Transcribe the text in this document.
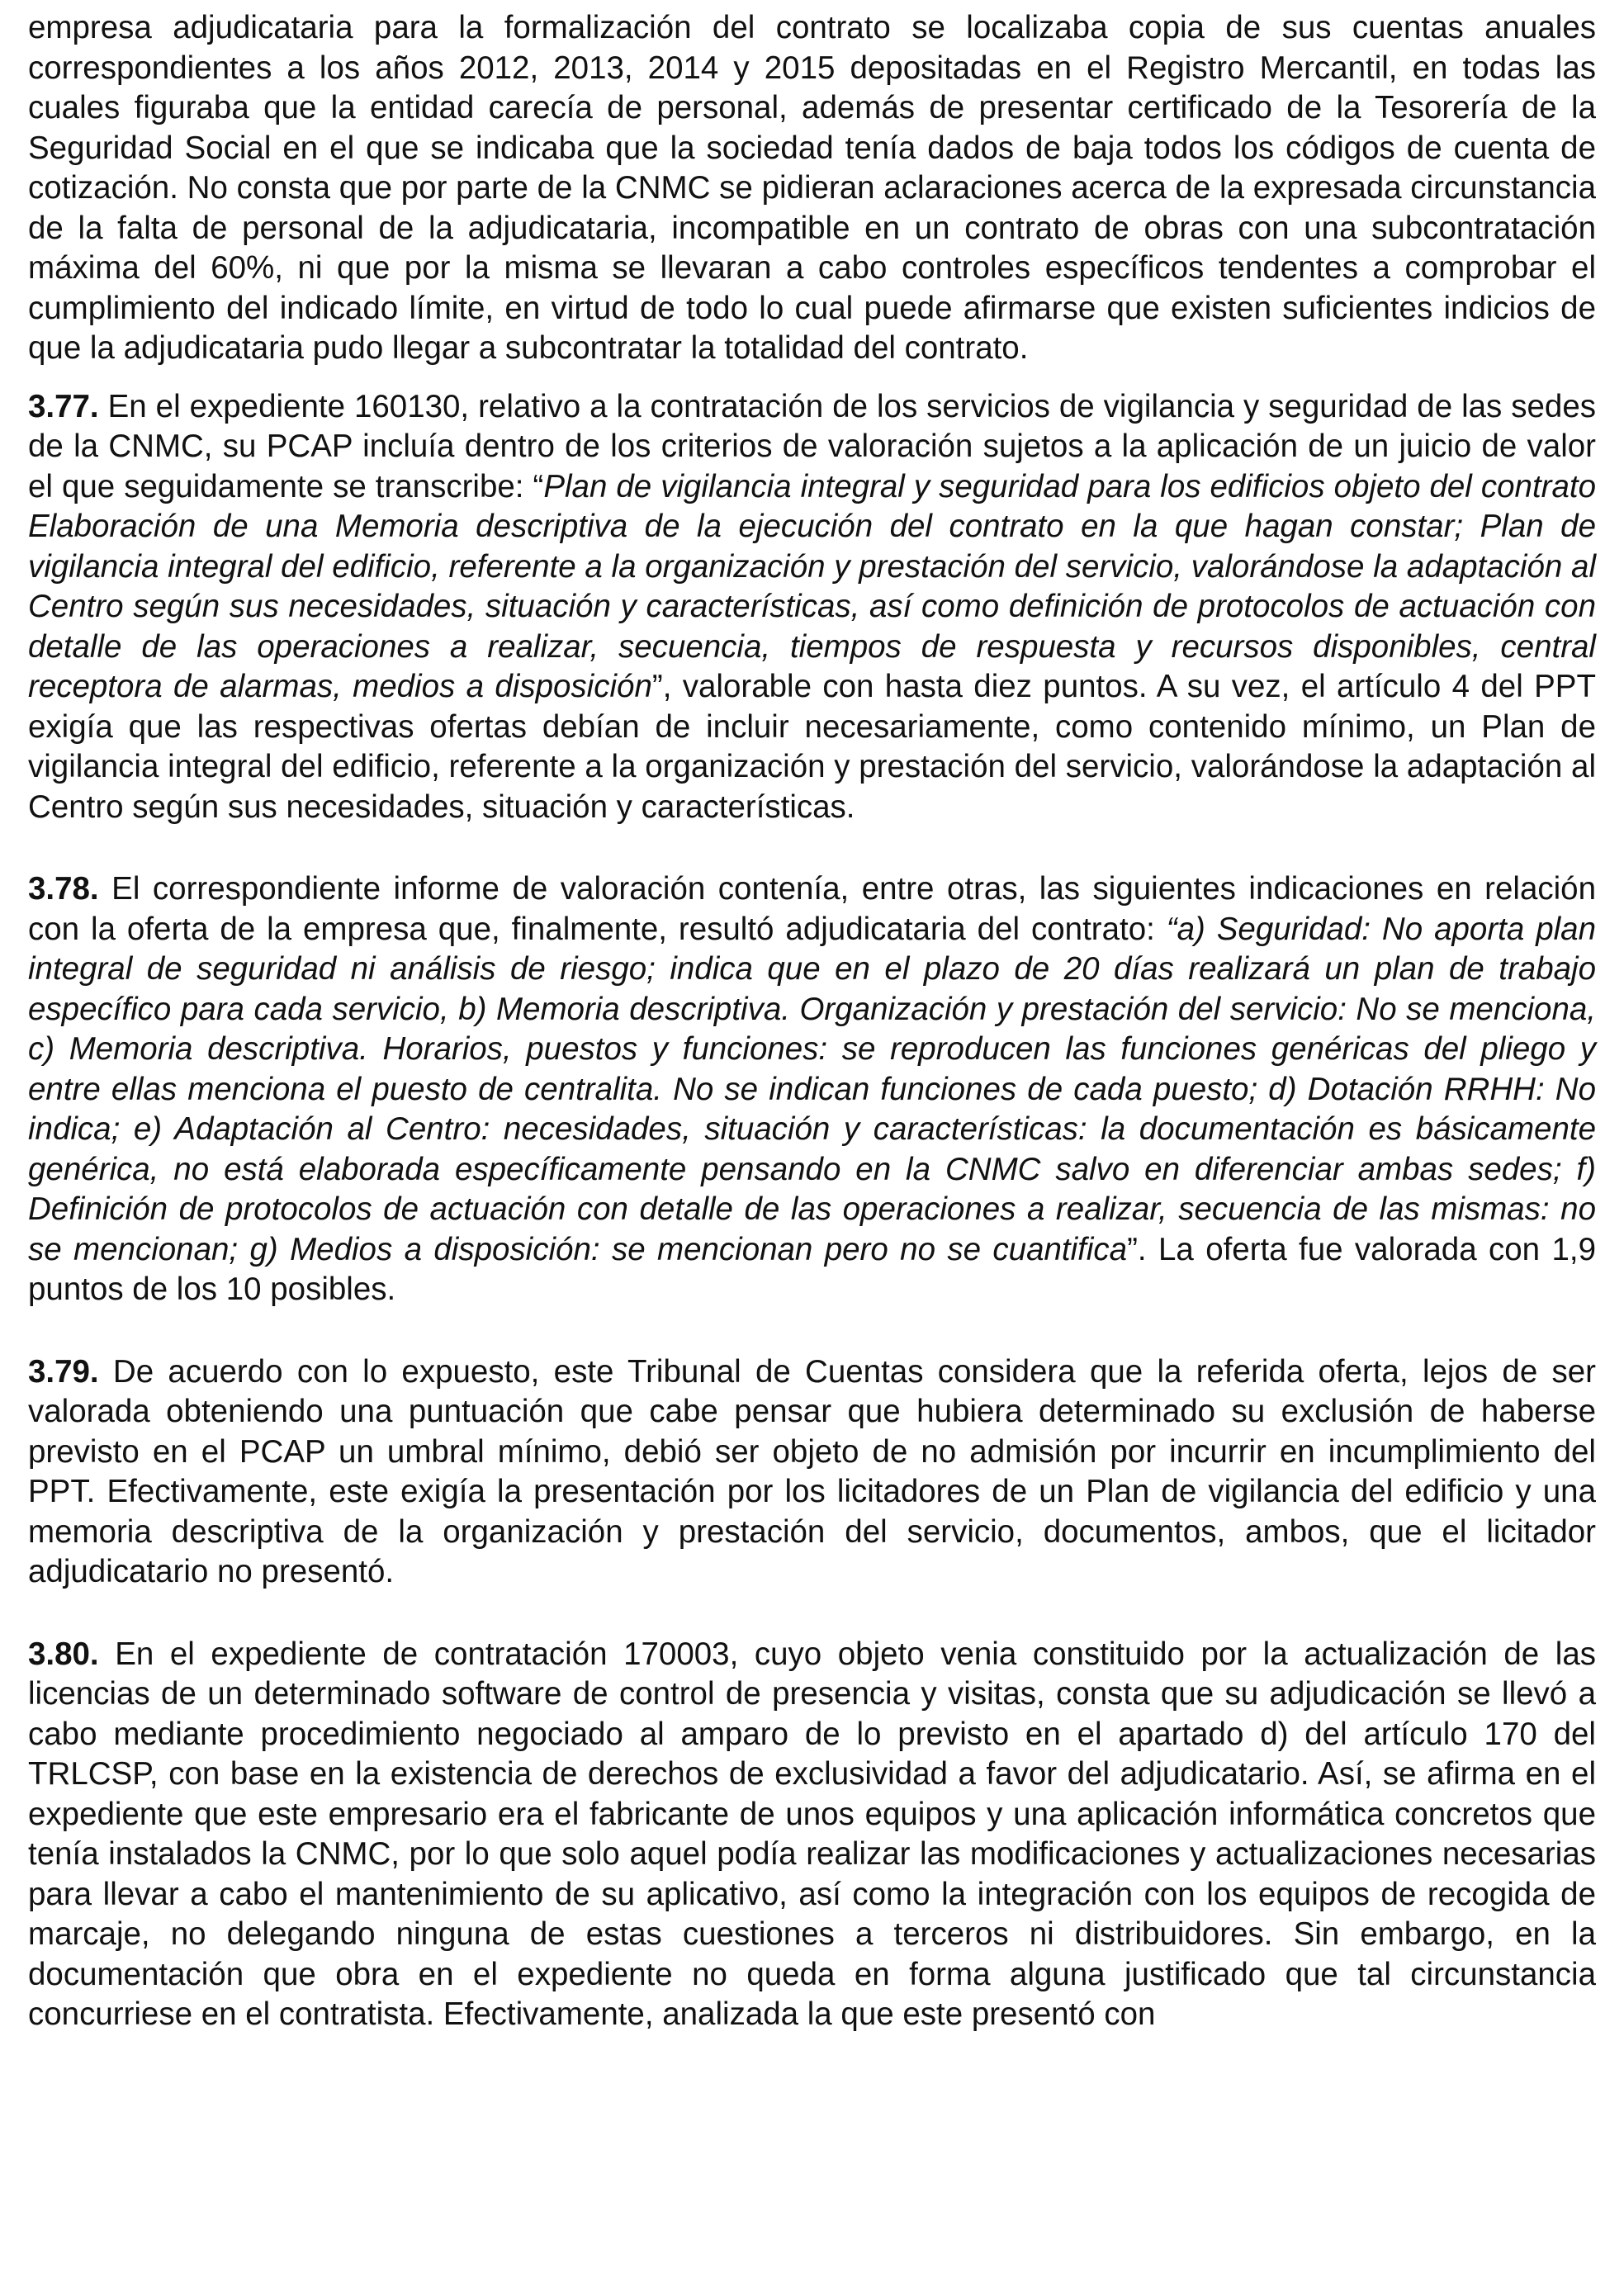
empresa adjudicataria para la formalización del contrato se localizaba copia de sus cuentas anuales correspondientes a los años 2012, 2013, 2014 y 2015 depositadas en el Registro Mercantil, en todas las cuales figuraba que la entidad carecía de personal, además de presentar certificado de la Tesorería de la Seguridad Social en el que se indicaba que la sociedad tenía dados de baja todos los códigos de cuenta de cotización. No consta que por parte de la CNMC se pidieran aclaraciones acerca de la expresada circunstancia de la falta de personal de la adjudicataria, incompatible en un contrato de obras con una subcontratación máxima del 60%, ni que por la misma se llevaran a cabo controles específicos tendentes a comprobar el cumplimiento del indicado límite, en virtud de todo lo cual puede afirmarse que existen suficientes indicios de que la adjudicataria pudo llegar a subcontratar la totalidad del contrato.

3.77. En el expediente 160130, relativo a la contratación de los servicios de vigilancia y seguridad de las sedes de la CNMC, su PCAP incluía dentro de los criterios de valoración sujetos a la aplicación de un juicio de valor el que seguidamente se transcribe: “Plan de vigilancia integral y seguridad para los edificios objeto del contrato Elaboración de una Memoria descriptiva de la ejecución del contrato en la que hagan constar; Plan de vigilancia integral del edificio, referente a la organización y prestación del servicio, valorándose la adaptación al Centro según sus necesidades, situación y características, así como definición de protocolos de actuación con detalle de las operaciones a realizar, secuencia, tiempos de respuesta y recursos disponibles, central receptora de alarmas, medios a disposición”, valorable con hasta diez puntos. A su vez, el artículo 4 del PPT exigía que las respectivas ofertas debían de incluir necesariamente, como contenido mínimo, un Plan de vigilancia integral del edificio, referente a la organización y prestación del servicio, valorándose la adaptación al Centro según sus necesidades, situación y características.

3.78. El correspondiente informe de valoración contenía, entre otras, las siguientes indicaciones en relación con la oferta de la empresa que, finalmente, resultó adjudicataria del contrato: “a) Seguridad: No aporta plan integral de seguridad ni análisis de riesgo; indica que en el plazo de 20 días realizará un plan de trabajo específico para cada servicio, b) Memoria descriptiva. Organización y prestación del servicio: No se menciona, c) Memoria descriptiva. Horarios, puestos y funciones: se reproducen las funciones genéricas del pliego y entre ellas menciona el puesto de centralita. No se indican funciones de cada puesto; d) Dotación RRHH: No indica; e) Adaptación al Centro: necesidades, situación y características: la documentación es básicamente genérica, no está elaborada específicamente pensando en la CNMC salvo en diferenciar ambas sedes; f) Definición de protocolos de actuación con detalle de las operaciones a realizar, secuencia de las mismas: no se mencionan; g) Medios a disposición: se mencionan pero no se cuantifica”. La oferta fue valorada con 1,9 puntos de los 10 posibles.

3.79. De acuerdo con lo expuesto, este Tribunal de Cuentas considera que la referida oferta, lejos de ser valorada obteniendo una puntuación que cabe pensar que hubiera determinado su exclusión de haberse previsto en el PCAP un umbral mínimo, debió ser objeto de no admisión por incurrir en incumplimiento del PPT. Efectivamente, este exigía la presentación por los licitadores de un Plan de vigilancia del edificio y una memoria descriptiva de la organización y prestación del servicio, documentos, ambos, que el licitador adjudicatario no presentó.

3.80. En el expediente de contratación 170003, cuyo objeto venia constituido por la actualización de las licencias de un determinado software de control de presencia y visitas, consta que su adjudicación se llevó a cabo mediante procedimiento negociado al amparo de lo previsto en el apartado d) del artículo 170 del TRLCSP, con base en la existencia de derechos de exclusividad a favor del adjudicatario. Así, se afirma en el expediente que este empresario era el fabricante de unos equipos y una aplicación informática concretos que tenía instalados la CNMC, por lo que solo aquel podía realizar las modificaciones y actualizaciones necesarias para llevar a cabo el mantenimiento de su aplicativo, así como la integración con los equipos de recogida de marcaje, no delegando ninguna de estas cuestiones a terceros ni distribuidores. Sin embargo, en la documentación que obra en el expediente no queda en forma alguna justificado que tal circunstancia concurriese en el contratista. Efectivamente, analizada la que este presentó con
